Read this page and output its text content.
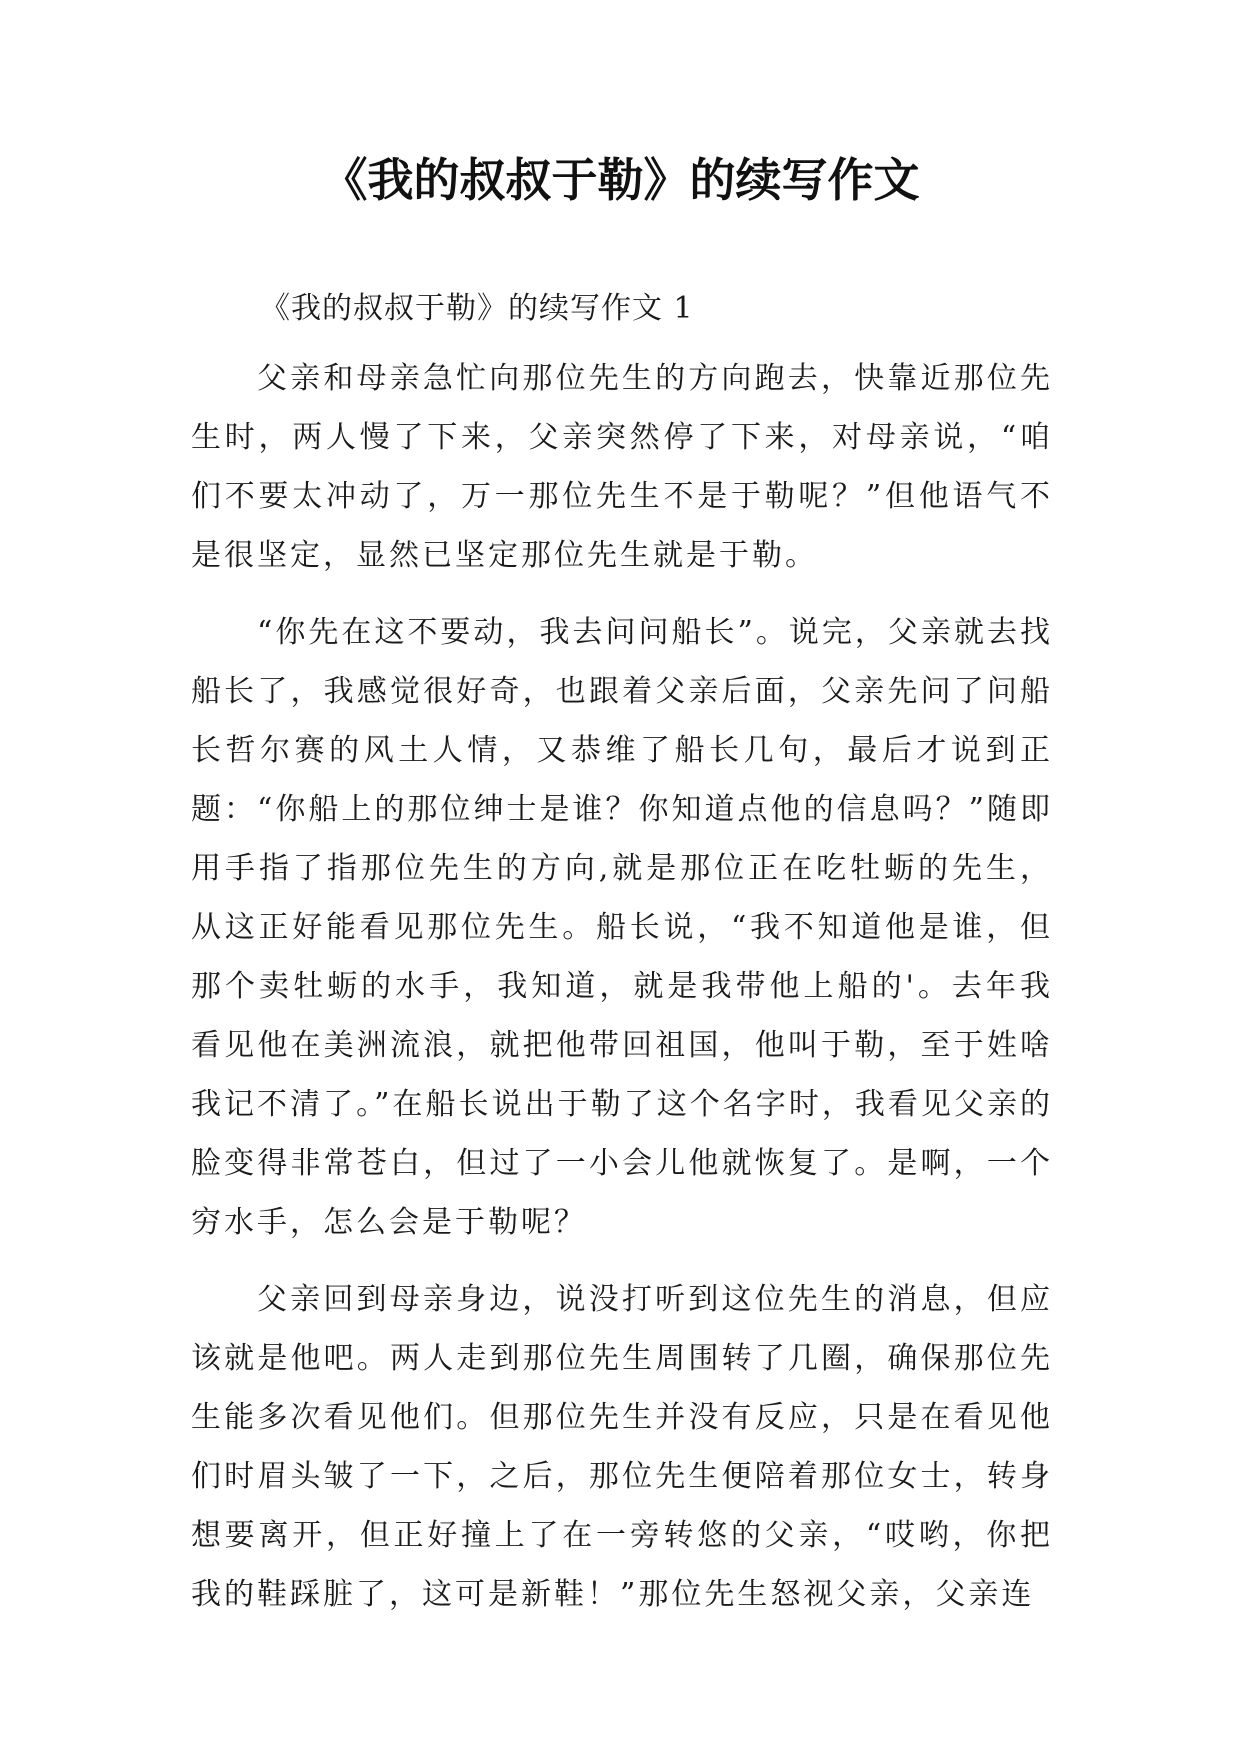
《我的叔叔于勒》的续写作文

《我的叔叔于勒》的续写作文 1

父亲和母亲急忙向那位先生的方向跑去，快靠近那位先生时，两人慢了下来，父亲突然停了下来，对母亲说，“咱们不要太冲动了，万一那位先生不是于勒呢？”但他语气不是很坚定，显然已坚定那位先生就是于勒。

“你先在这不要动，我去问问船长”。说完，父亲就去找船长了，我感觉很好奇，也跟着父亲后面，父亲先问了问船长哲尔赛的风土人情，又恭维了船长几句，最后才说到正题：“你船上的那位绅士是谁？你知道点他的信息吗？”随即用手指了指那位先生的方向,就是那位正在吃牡蛎的先生，从这正好能看见那位先生。船长说，“我不知道他是谁，但那个卖牡蛎的水手，我知道，就是我带他上船的'。去年我看见他在美洲流浪，就把他带回祖国，他叫于勒，至于姓啥我记不清了。”在船长说出于勒了这个名字时，我看见父亲的脸变得非常苍白，但过了一小会儿他就恢复了。是啊，一个穷水手，怎么会是于勒呢？

父亲回到母亲身边，说没打听到这位先生的消息，但应该就是他吧。两人走到那位先生周围转了几圈，确保那位先生能多次看见他们。但那位先生并没有反应，只是在看见他们时眉头皱了一下，之后，那位先生便陪着那位女士，转身想要离开，但正好撞上了在一旁转悠的父亲，“哎哟，你把我的鞋踩脏了，这可是新鞋！”那位先生怒视父亲，父亲连
